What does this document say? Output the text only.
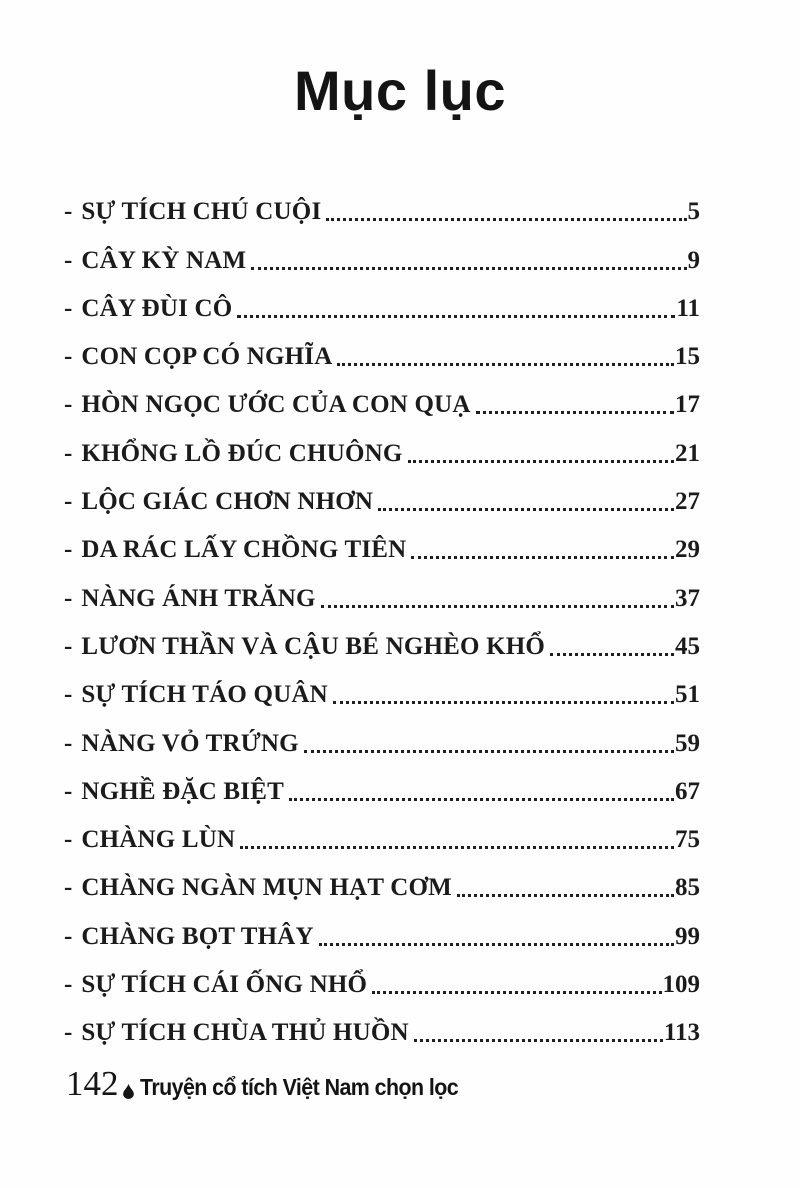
Mục lục
- SỰ TÍCH CHÚ CUỘI	5
- CÂY KỲ NAM	9
- CÂY ĐÙI CÔ	11
- CON CỌP CÓ NGHĨA	15
- HÒN NGỌC ƯỚC CỦA CON QUẠ	17
- KHỔNG LỒ ĐÚC CHUÔNG	21
- LỘC GIÁC CHƠN NHƠN	27
- DA RÁC LẤY CHỒNG TIÊN	29
- NÀNG ÁNH TRĂNG	37
- LƯƠN THẦN VÀ CẬU BÉ NGHÈO KHỔ	45
- SỰ TÍCH TÁO QUÂN	51
- NÀNG VỎ TRỨNG	59
- NGHỀ ĐẶC BIỆT	67
- CHÀNG LÙN	75
- CHÀNG NGÀN MỤN HẠT CƠM	85
- CHÀNG BỌT THÂY	99
- SỰ TÍCH CÁI ỐNG NHỔ	109
- SỰ TÍCH CHÙA THỦ HUỒN	113
142 Truyện cổ tích Việt Nam chọn lọc
